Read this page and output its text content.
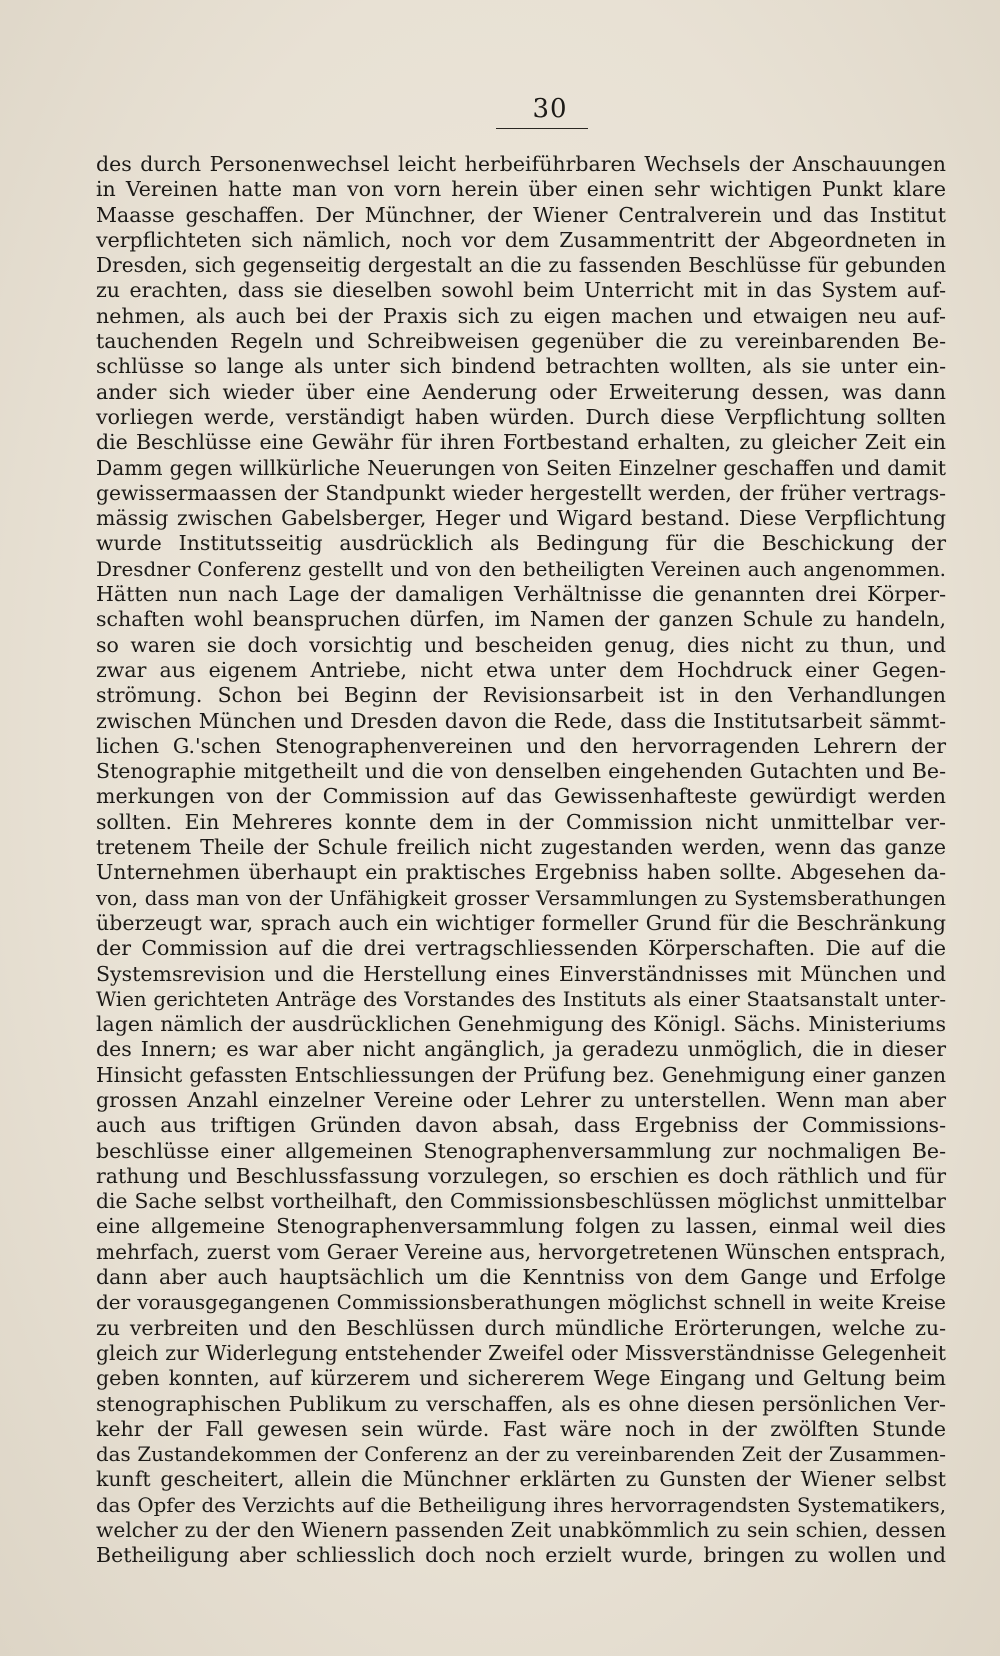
30
des durch Personenwechsel leicht herbeiführbaren Wechsels der Anschauungen
in Vereinen hatte man von vorn herein über einen sehr wichtigen Punkt klare
Maasse geschaffen. Der Münchner, der Wiener Centralverein und das Institut
verpflichteten sich nämlich, noch vor dem Zusammentritt der Abgeordneten in
Dresden, sich gegenseitig dergestalt an die zu fassenden Beschlüsse für gebunden
zu erachten, dass sie dieselben sowohl beim Unterricht mit in das System auf-
nehmen, als auch bei der Praxis sich zu eigen machen und etwaigen neu auf-
tauchenden Regeln und Schreibweisen gegenüber die zu vereinbarenden Be-
schlüsse so lange als unter sich bindend betrachten wollten, als sie unter ein-
ander sich wieder über eine Aenderung oder Erweiterung dessen, was dann
vorliegen werde, verständigt haben würden. Durch diese Verpflichtung sollten
die Beschlüsse eine Gewähr für ihren Fortbestand erhalten, zu gleicher Zeit ein
Damm gegen willkürliche Neuerungen von Seiten Einzelner geschaffen und damit
gewissermaassen der Standpunkt wieder hergestellt werden, der früher vertrags-
mässig zwischen Gabelsberger, Heger und Wigard bestand. Diese Verpflichtung
wurde Institutsseitig ausdrücklich als Bedingung für die Beschickung der
Dresdner Conferenz gestellt und von den betheiligten Vereinen auch angenommen.
Hätten nun nach Lage der damaligen Verhältnisse die genannten drei Körper-
schaften wohl beanspruchen dürfen, im Namen der ganzen Schule zu handeln,
so waren sie doch vorsichtig und bescheiden genug, dies nicht zu thun, und
zwar aus eigenem Antriebe, nicht etwa unter dem Hochdruck einer Gegen-
strömung. Schon bei Beginn der Revisionsarbeit ist in den Verhandlungen
zwischen München und Dresden davon die Rede, dass die Institutsarbeit sämmt-
lichen G.'schen Stenographenvereinen und den hervorragenden Lehrern der
Stenographie mitgetheilt und die von denselben eingehenden Gutachten und Be-
merkungen von der Commission auf das Gewissenhafteste gewürdigt werden
sollten. Ein Mehreres konnte dem in der Commission nicht unmittelbar ver-
tretenem Theile der Schule freilich nicht zugestanden werden, wenn das ganze
Unternehmen überhaupt ein praktisches Ergebniss haben sollte. Abgesehen da-
von, dass man von der Unfähigkeit grosser Versammlungen zu Systemsberathungen
überzeugt war, sprach auch ein wichtiger formeller Grund für die Beschränkung
der Commission auf die drei vertragschliessenden Körperschaften. Die auf die
Systemsrevision und die Herstellung eines Einverständnisses mit München und
Wien gerichteten Anträge des Vorstandes des Instituts als einer Staatsanstalt unter-
lagen nämlich der ausdrücklichen Genehmigung des Königl. Sächs. Ministeriums
des Innern; es war aber nicht angänglich, ja geradezu unmöglich, die in dieser
Hinsicht gefassten Entschliessungen der Prüfung bez. Genehmigung einer ganzen
grossen Anzahl einzelner Vereine oder Lehrer zu unterstellen. Wenn man aber
auch aus triftigen Gründen davon absah, dass Ergebniss der Commissions-
beschlüsse einer allgemeinen Stenographenversammlung zur nochmaligen Be-
rathung und Beschlussfassung vorzulegen, so erschien es doch räthlich und für
die Sache selbst vortheilhaft, den Commissionsbeschlüssen möglichst unmittelbar
eine allgemeine Stenographenversammlung folgen zu lassen, einmal weil dies
mehrfach, zuerst vom Geraer Vereine aus, hervorgetretenen Wünschen entsprach,
dann aber auch hauptsächlich um die Kenntniss von dem Gange und Erfolge
der vorausgegangenen Commissionsberathungen möglichst schnell in weite Kreise
zu verbreiten und den Beschlüssen durch mündliche Erörterungen, welche zu-
gleich zur Widerlegung entstehender Zweifel oder Missverständnisse Gelegenheit
geben konnten, auf kürzerem und sichererem Wege Eingang und Geltung beim
stenographischen Publikum zu verschaffen, als es ohne diesen persönlichen Ver-
kehr der Fall gewesen sein würde. Fast wäre noch in der zwölften Stunde
das Zustandekommen der Conferenz an der zu vereinbarenden Zeit der Zusammen-
kunft gescheitert, allein die Münchner erklärten zu Gunsten der Wiener selbst
das Opfer des Verzichts auf die Betheiligung ihres hervorragendsten Systematikers,
welcher zu der den Wienern passenden Zeit unabkömmlich zu sein schien, dessen
Betheiligung aber schliesslich doch noch erzielt wurde, bringen zu wollen und
